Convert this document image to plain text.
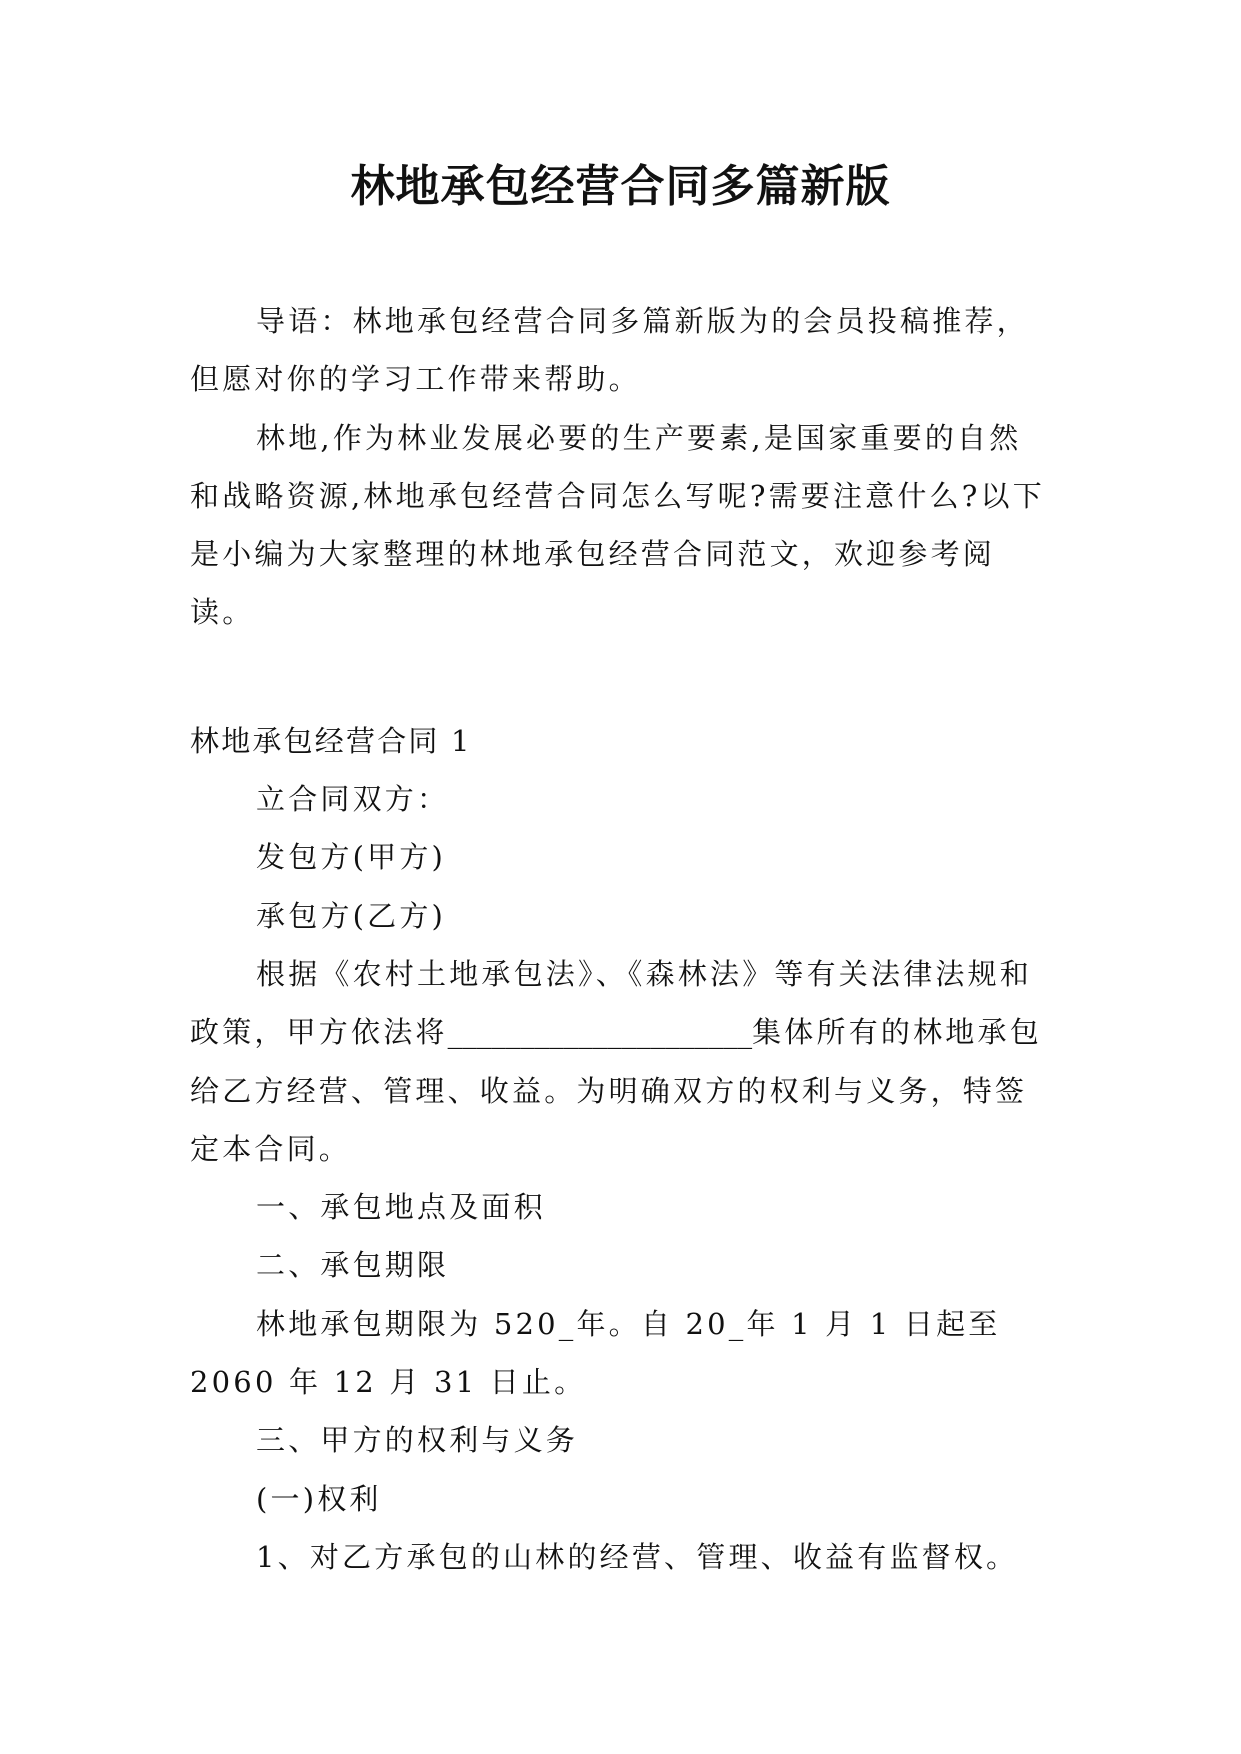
林地承包经营合同多篇新版

导语：林地承包经营合同多篇新版为的会员投稿推荐，但愿对你的学习工作带来帮助。

林地,作为林业发展必要的生产要素,是国家重要的自然和战略资源,林地承包经营合同怎么写呢?需要注意什么?以下是小编为大家整理的林地承包经营合同范文，欢迎参考阅读。

林地承包经营合同 1

立合同双方：

发包方(甲方)

承包方(乙方)

根据《农村土地承包法》、《森林法》等有关法律法规和政策，甲方依法将_____________________集体所有的林地承包给乙方经营、管理、收益。为明确双方的权利与义务，特签定本合同。

一、承包地点及面积

二、承包期限

林地承包期限为 520_年。自 20_年 1 月 1 日起至 2060 年 12 月 31 日止。

三、甲方的权利与义务

(一)权利

1、对乙方承包的山林的经营、管理、收益有监督权。
